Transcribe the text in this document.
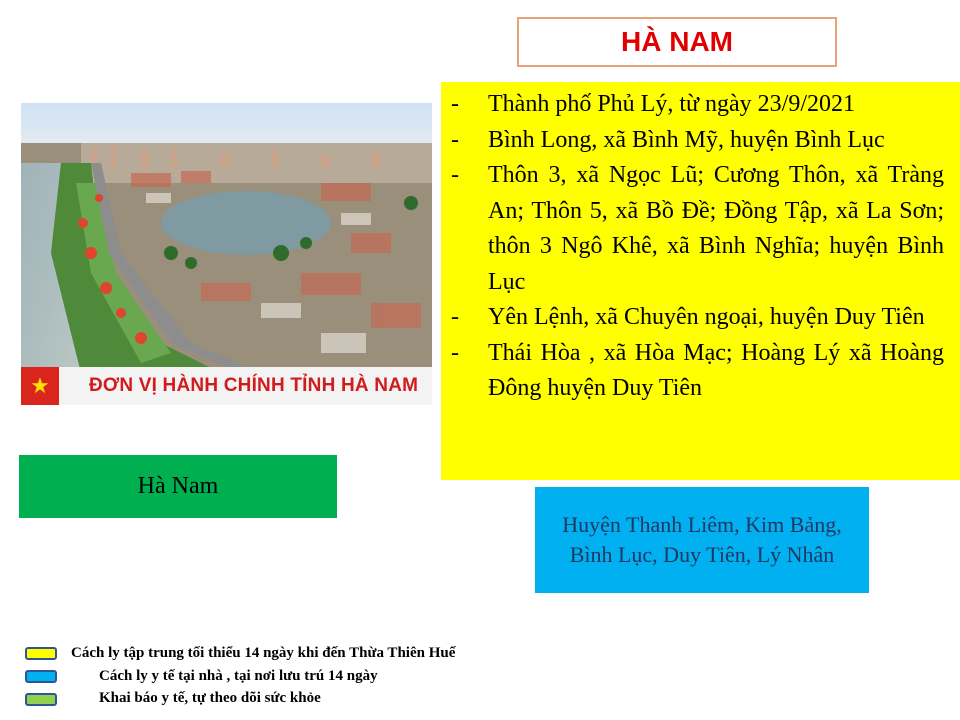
HÀ NAM
★	ĐƠN VỊ HÀNH CHÍNH TỈNH HÀ NAM
- Thành phố Phủ Lý, từ ngày 23/9/2021
- Bình Long, xã Bình Mỹ, huyện Bình Lục
- Thôn 3, xã Ngọc Lũ; Cương Thôn, xã Tràng An; Thôn 5, xã Bồ Đề; Đồng Tập, xã La Sơn; thôn 3 Ngô Khê, xã Bình Nghĩa; huyện Bình Lục
- Yên Lệnh, xã Chuyên ngoại, huyện Duy Tiên
- Thái Hòa , xã Hòa Mạc; Hoàng Lý xã Hoàng Đông huyện Duy Tiên
Hà Nam
Huyện Thanh Liêm, Kim Bảng, Bình Lục, Duy Tiên, Lý Nhân
Cách ly tập trung tối thiểu 14 ngày khi đến Thừa Thiên Huế
Cách ly y tế tại nhà , tại nơi lưu trú 14 ngày
Khai báo y tế, tự theo dõi sức khỏe
